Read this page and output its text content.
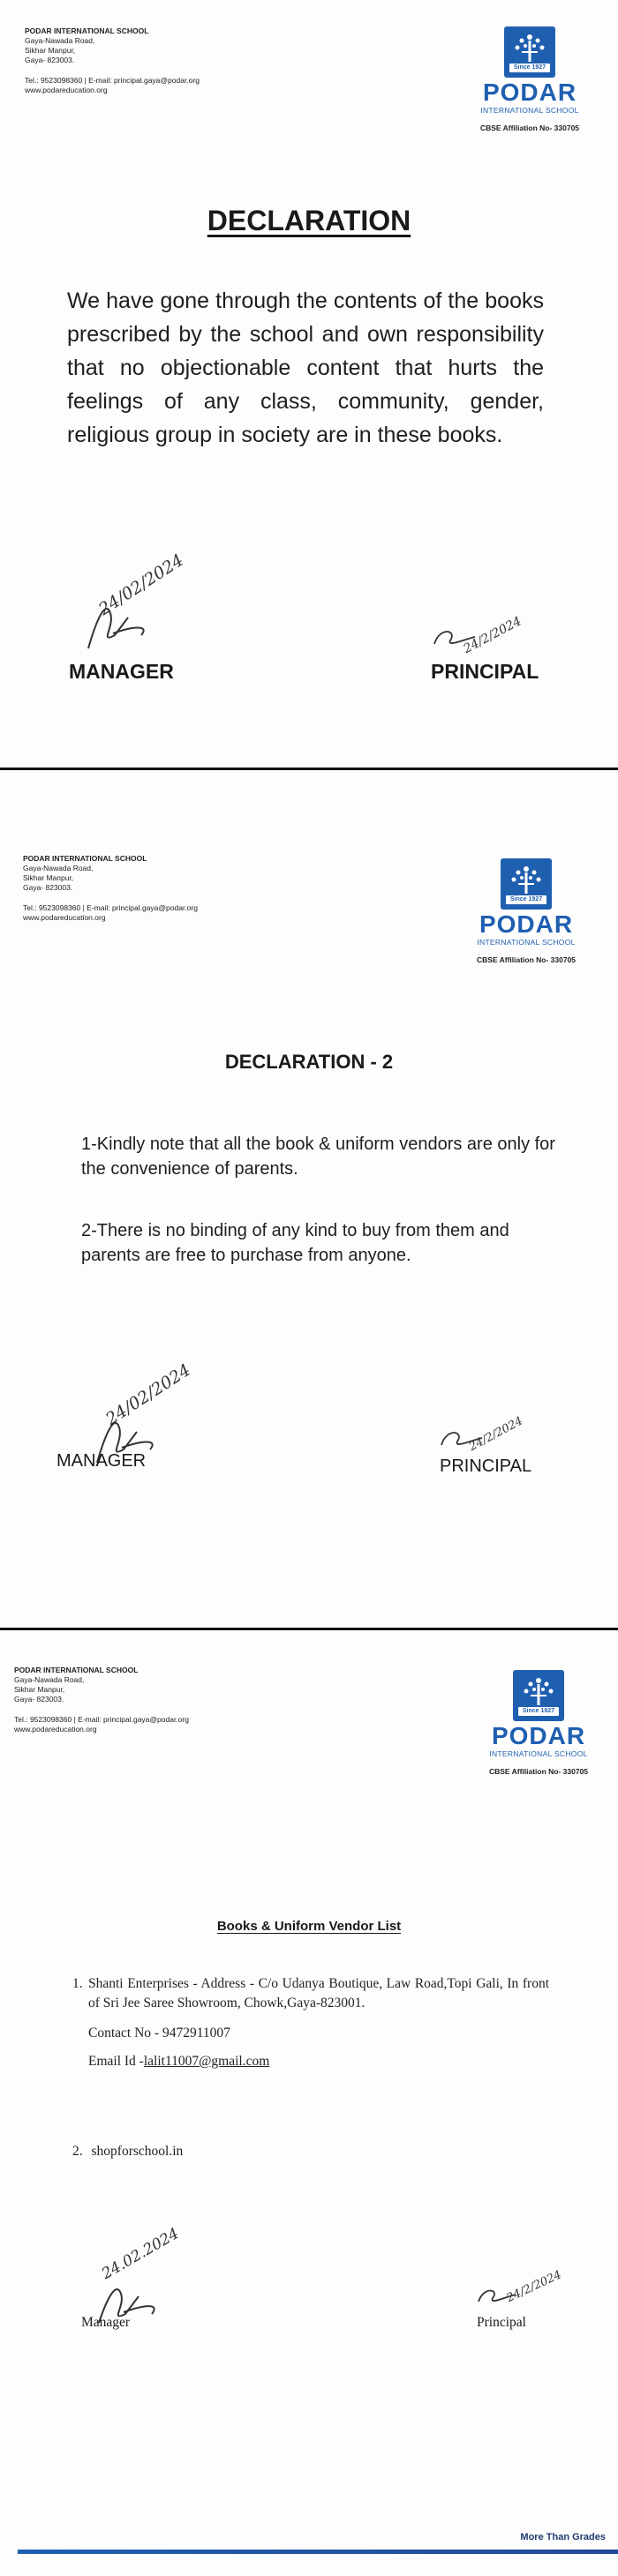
PODAR INTERNATIONAL SCHOOL
Gaya-Nawada Road,
Sikhar Manpur,
Gaya- 823003.
Tel.: 9523098360 | E-mail: principal.gaya@podar.org
www.podareducation.org
Since 1927
PODAR
INTERNATIONAL SCHOOL
CBSE Affiliation No- 330705
DECLARATION
We have gone through the contents of the books prescribed by the school and own responsibility that no objectionable content that hurts the feelings of any class, community, gender, religious group in society are in these books.
24/02/2024
24/2/2024
MANAGER	PRINCIPAL
PODAR INTERNATIONAL SCHOOL
Gaya-Nawada Road,
Sikhar Manpur,
Gaya- 823003.
Tel.: 9523098360 | E-mail: principal.gaya@podar.org
www.podareducation.org
Since 1927
PODAR
INTERNATIONAL SCHOOL
CBSE Affiliation No- 330705
DECLARATION - 2
1-Kindly note that all the book & uniform vendors are only for the convenience of parents.
2-There is no binding of any kind to buy from them and parents are free to purchase from anyone.
24/02/2024
24/2/2024
MANAGER	PRINCIPAL
PODAR INTERNATIONAL SCHOOL
Gaya-Nawada Road,
Sikhar Manpur,
Gaya- 823003.
Tel.: 9523098360 | E-mail: principal.gaya@podar.org
www.podareducation.org
Since 1927
PODAR
INTERNATIONAL SCHOOL
CBSE Affiliation No- 330705
Books & Uniform Vendor List
1. Shanti Enterprises - Address - C/o Udanya Boutique, Law Road,Topi Gali, In front of Sri Jee Saree Showroom, Chowk,Gaya-823001.
Contact No - 9472911007
Email Id -lalit11007@gmail.com
2. shopforschool.in
24.02.2024
24/2/2024
Manager	Principal
More Than Grades
